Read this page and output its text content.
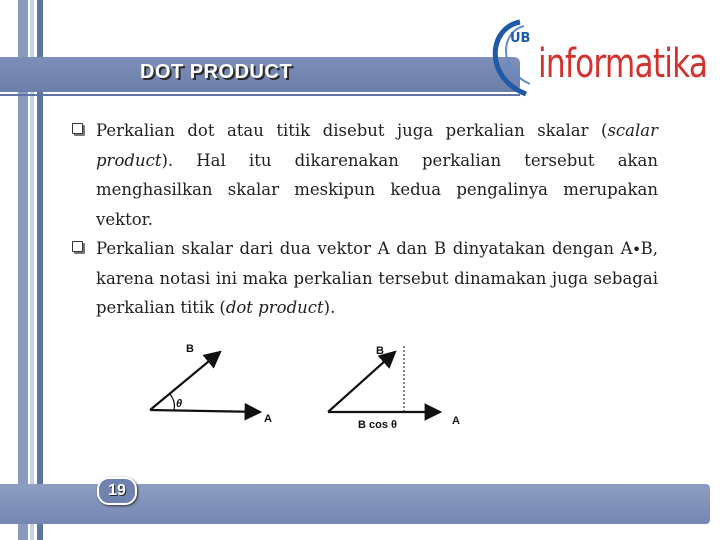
DOT PRODUCT
UB
informatika

Perkalian dot atau titik disebut juga perkalian skalar (scalar product). Hal itu dikarenakan perkalian tersebut akan menghasilkan skalar meskipun kedua pengalinya merupakan vektor.

Perkalian skalar dari dua vektor A dan B dinyatakan dengan A∙B, karena notasi ini maka perkalian tersebut dinamakan juga sebagai perkalian titik (dot product).

B
A
θ
B
A
B cos θ
19
